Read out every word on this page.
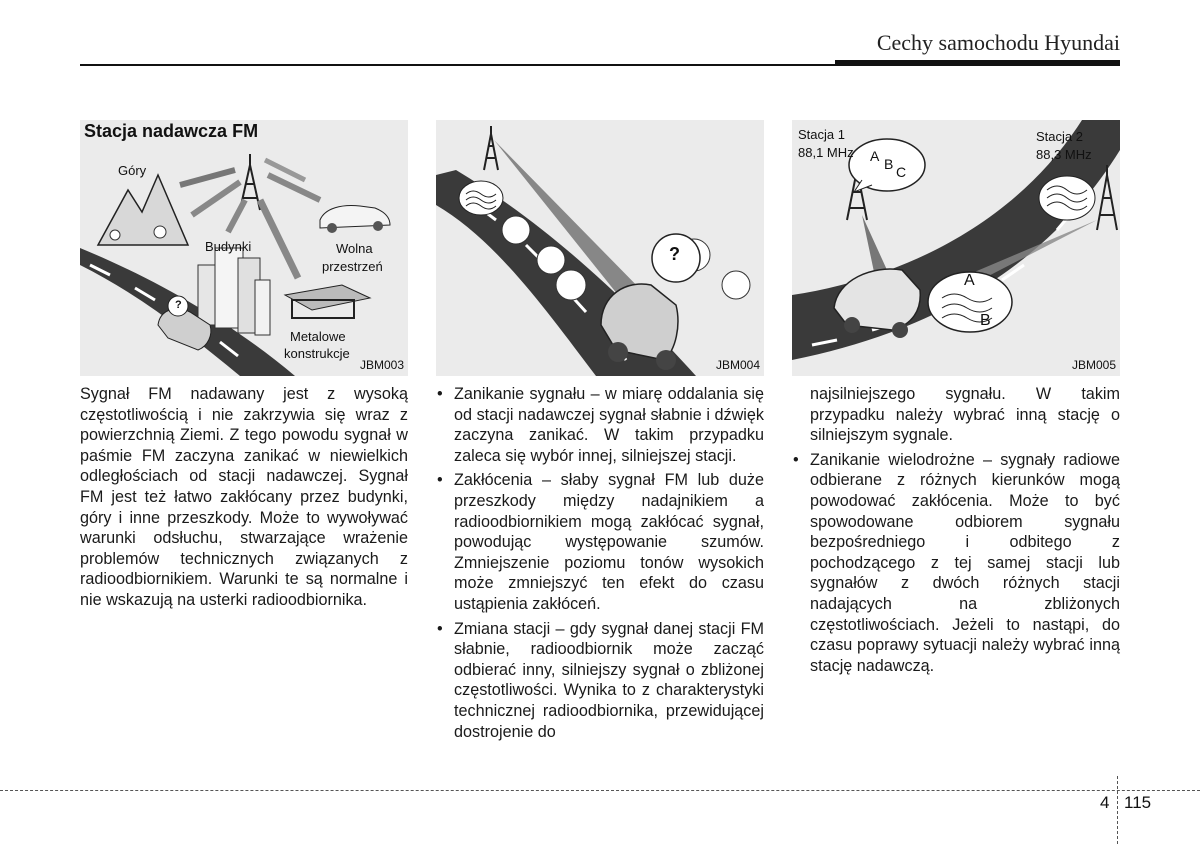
Cechy samochodu Hyundai
Stacja nadawcza FM
Góry
Budynki	Wolna
przestrzeń
Metalowe
konstrukcje
?
JBM003
?
JBM004
Stacja 1
88,1 MHz
Stacja 2
88,3 MHz
A B C
A
B
JBM005

Sygnał FM nadawany jest z wysoką częstotliwością i nie zakrzywia się wraz z powierzchnią Ziemi. Z tego powodu sygnał w paśmie FM zaczyna zanikać w niewielkich odległościach od stacji nadawczej. Sygnał FM jest też łatwo zakłócany przez budynki, góry i inne przeszkody. Może to wywoływać warunki odsłuchu, stwarzające wrażenie problemów technicznych związanych z radioodbiornikiem. Warunki te są normalne i nie wskazują na usterki radioodbiornika.

• Zanikanie sygnału – w miarę oddalania się od stacji nadawczej sygnał słabnie i dźwięk zaczyna zanikać. W takim przypadku zaleca się wybór innej, silniejszej stacji.
• Zakłócenia – słaby sygnał FM lub duże przeszkody między nadajnikiem a radioodbiornikiem mogą zakłócać sygnał, powodując występowanie szumów. Zmniejszenie poziomu tonów wysokich może zmniejszyć ten efekt do czasu ustąpienia zakłóceń.
• Zmiana stacji – gdy sygnał danej stacji FM słabnie, radioodbiornik może zacząć odbierać inny, silniejszy sygnał o zbliżonej częstotliwości. Wynika to z charakterystyki technicznej radioodbiornika, przewidującej dostrojenie do

najsilniejszego sygnału. W takim przypadku należy wybrać inną stację o silniejszym sygnale.

• Zanikanie wielodrożne – sygnały radiowe odbierane z różnych kierunków mogą powodować zakłócenia. Może to być spowodowane odbiorem sygnału bezpośredniego i odbitego z pochodzącego z tej samej stacji lub sygnałów z dwóch różnych stacji nadających na zbliżonych częstotliwościach. Jeżeli to nastąpi, do czasu poprawy sytuacji należy wybrać inną stację nadawczą.
4 115
